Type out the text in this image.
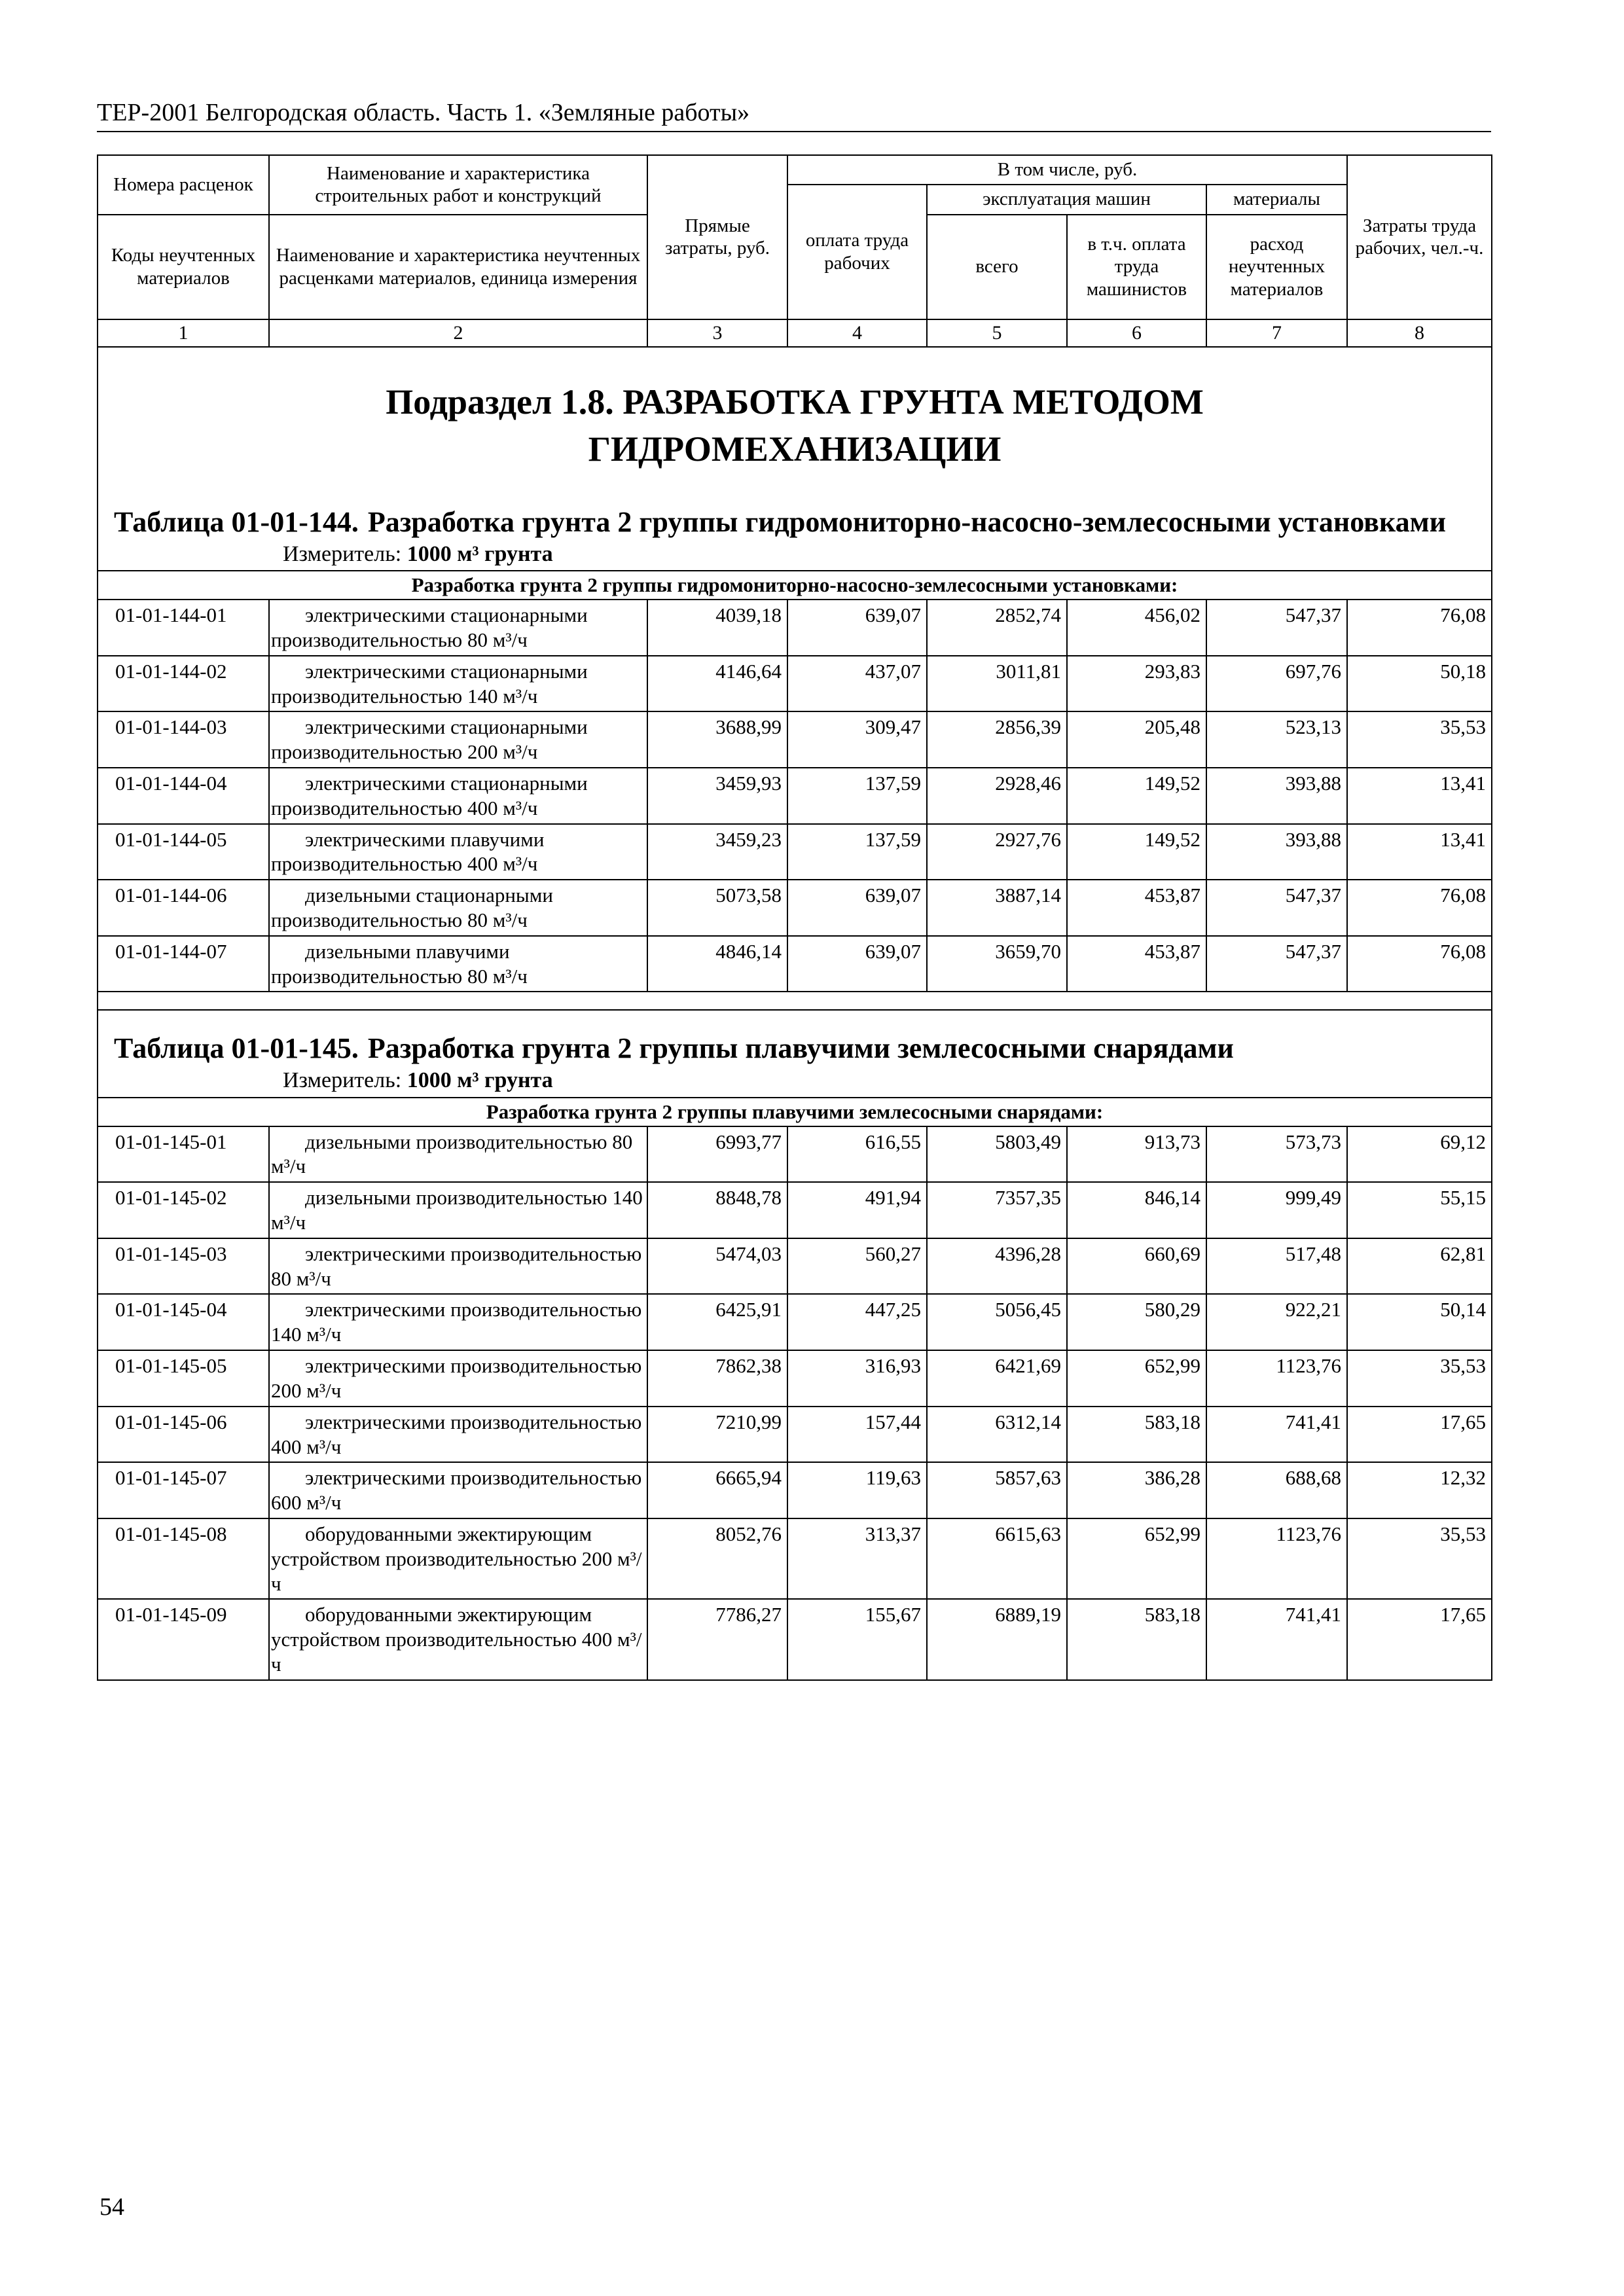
ТЕР-2001 Белгородская область. Часть 1. «Земляные работы»
Номера расценок	Наименование и характеристика строительных работ и конструкций	Прямые затраты, руб.	В том числе, руб.				Затраты труда рабочих, чел.-ч.
			оплата труда рабочих	эксплуатация машин		материалы	
Коды неучтенных материалов	Наименование и характеристика неучтенных расценками материалов, единица измерения			всего	в т.ч. оплата труда машинистов	расход неучтенных материалов	

1	2	3	4	5	6	7	8

Подраздел 1.8. РАЗРАБОТКА ГРУНТА МЕТОДОМ
ГИДРОМЕХАНИЗАЦИИ
Таблица 01-01-144. Разработка грунта 2 группы гидромониторно-насосно-землесосными установками
Измеритель: 1000 м³ грунта							

Разработка грунта 2 группы гидромониторно-насосно-землесосными установками:							
01-01-144-01	электрическими стационарными производительностью 80 м³/ч	4039,18	639,07	2852,74	456,02	547,37	76,08
01-01-144-02	электрическими стационарными производительностью 140 м³/ч	4146,64	437,07	3011,81	293,83	697,76	50,18
01-01-144-03	электрическими стационарными производительностью 200 м³/ч	3688,99	309,47	2856,39	205,48	523,13	35,53
01-01-144-04	электрическими стационарными производительностью 400 м³/ч	3459,93	137,59	2928,46	149,52	393,88	13,41
01-01-144-05	электрическими плавучими производительностью 400 м³/ч	3459,23	137,59	2927,76	149,52	393,88	13,41
01-01-144-06	дизельными стационарными производительностью 80 м³/ч	5073,58	639,07	3887,14	453,87	547,37	76,08
01-01-144-07	дизельными плавучими производительностью 80 м³/ч	4846,14	639,07	3659,70	453,87	547,37	76,08

Таблица 01-01-145. Разработка грунта 2 группы плавучими землесосными снарядами
Измеритель: 1000 м³ грунта							

Разработка грунта 2 группы плавучими землесосными снарядами:							
01-01-145-01	дизельными производительностью 80 м³/ч	6993,77	616,55	5803,49	913,73	573,73	69,12
01-01-145-02	дизельными производительностью 140 м³/ч	8848,78	491,94	7357,35	846,14	999,49	55,15
01-01-145-03	электрическими производительностью 80 м³/ч	5474,03	560,27	4396,28	660,69	517,48	62,81
01-01-145-04	электрическими производительностью 140 м³/ч	6425,91	447,25	5056,45	580,29	922,21	50,14
01-01-145-05	электрическими производительностью 200 м³/ч	7862,38	316,93	6421,69	652,99	1123,76	35,53
01-01-145-06	электрическими производительностью 400 м³/ч	7210,99	157,44	6312,14	583,18	741,41	17,65
01-01-145-07	электрическими производительностью 600 м³/ч	6665,94	119,63	5857,63	386,28	688,68	12,32
01-01-145-08	оборудованными эжектирующим устройством производительностью 200 м³/ч	8052,76	313,37	6615,63	652,99	1123,76	35,53
01-01-145-09	оборудованными эжектирующим устройством производительностью 400 м³/ч	7786,27	155,67	6889,19	583,18	741,41	17,65
54
